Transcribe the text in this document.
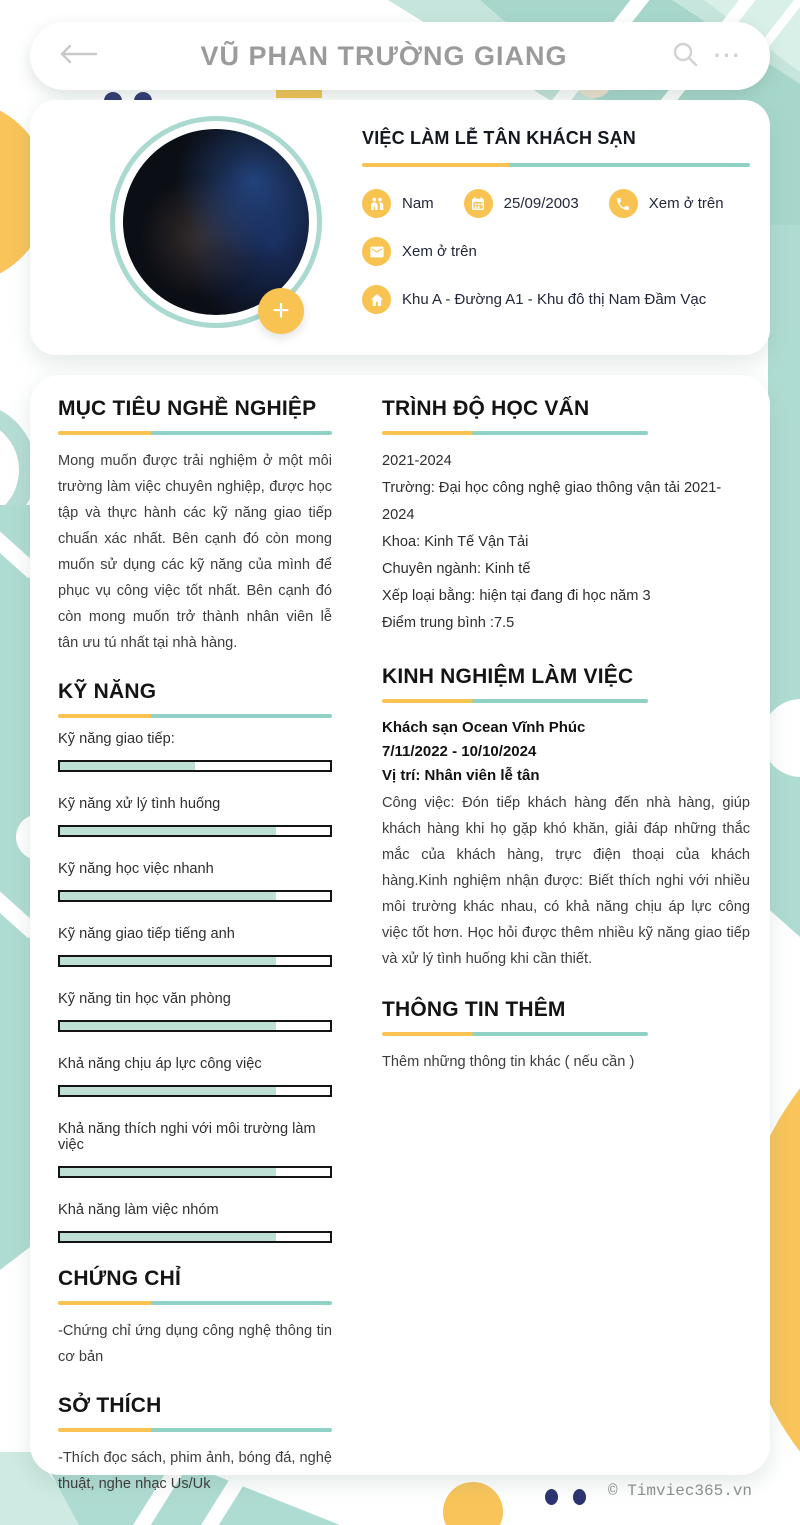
VŨ PHAN TRƯỜNG GIANG	···
+
VIỆC LÀM LỄ TÂN KHÁCH SẠN
Nam	25/09/2003	Xem ở trên
Xem ở trên
Khu A - Đường A1 - Khu đô thị Nam Đầm Vạc
MỤC TIÊU NGHỀ NGHIỆP

Mong muốn được trải nghiệm ở một môi trường làm việc chuyên nghiệp, được học tập và thực hành các kỹ năng giao tiếp chuẩn xác nhất. Bên cạnh đó còn mong muốn sử dụng các kỹ năng của mình để phục vụ công việc tốt nhất. Bên cạnh đó còn mong muốn trở thành nhân viên lễ tân ưu tú nhất tại nhà hàng.

KỸ NĂNG
Kỹ năng giao tiếp:
Kỹ năng xử lý tình huống
Kỹ năng học việc nhanh
Kỹ năng giao tiếp tiếng anh
Kỹ năng tin học văn phòng
Khả năng chịu áp lực công việc
Khả năng thích nghi với môi trường làm việc
Khả năng làm việc nhóm
CHỨNG CHỈ

-Chứng chỉ ứng dụng công nghệ thông tin cơ bản

SỞ THÍCH

-Thích đọc sách, phim ảnh, bóng đá, nghệ thuật, nghe nhạc Us/Uk

TRÌNH ĐỘ HỌC VẤN
2021-2024
Trường: Đại học công nghệ giao thông vận tải 2021-2024
Khoa: Kinh Tế Vận Tải
Chuyên ngành: Kinh tế
Xếp loại bằng: hiện tại đang đi học năm 3
Điểm trung bình :7.5
KINH NGHIỆM LÀM VIỆC
Khách sạn Ocean Vĩnh Phúc
7/11/2022 - 10/10/2024
Vị trí: Nhân viên lễ tân

Công việc: Đón tiếp khách hàng đến nhà hàng, giúp khách hàng khi họ gặp khó khăn, giải đáp những thắc mắc của khách hàng, trực điện thoại của khách hàng.Kinh nghiệm nhận được: Biết thích nghi với nhiều môi trường khác nhau, có khả năng chịu áp lực công việc tốt hơn. Học hỏi được thêm nhiều kỹ năng giao tiếp và xử lý tình huống khi cần thiết.

THÔNG TIN THÊM

Thêm những thông tin khác ( nếu cần )

© Timviec365.vn
